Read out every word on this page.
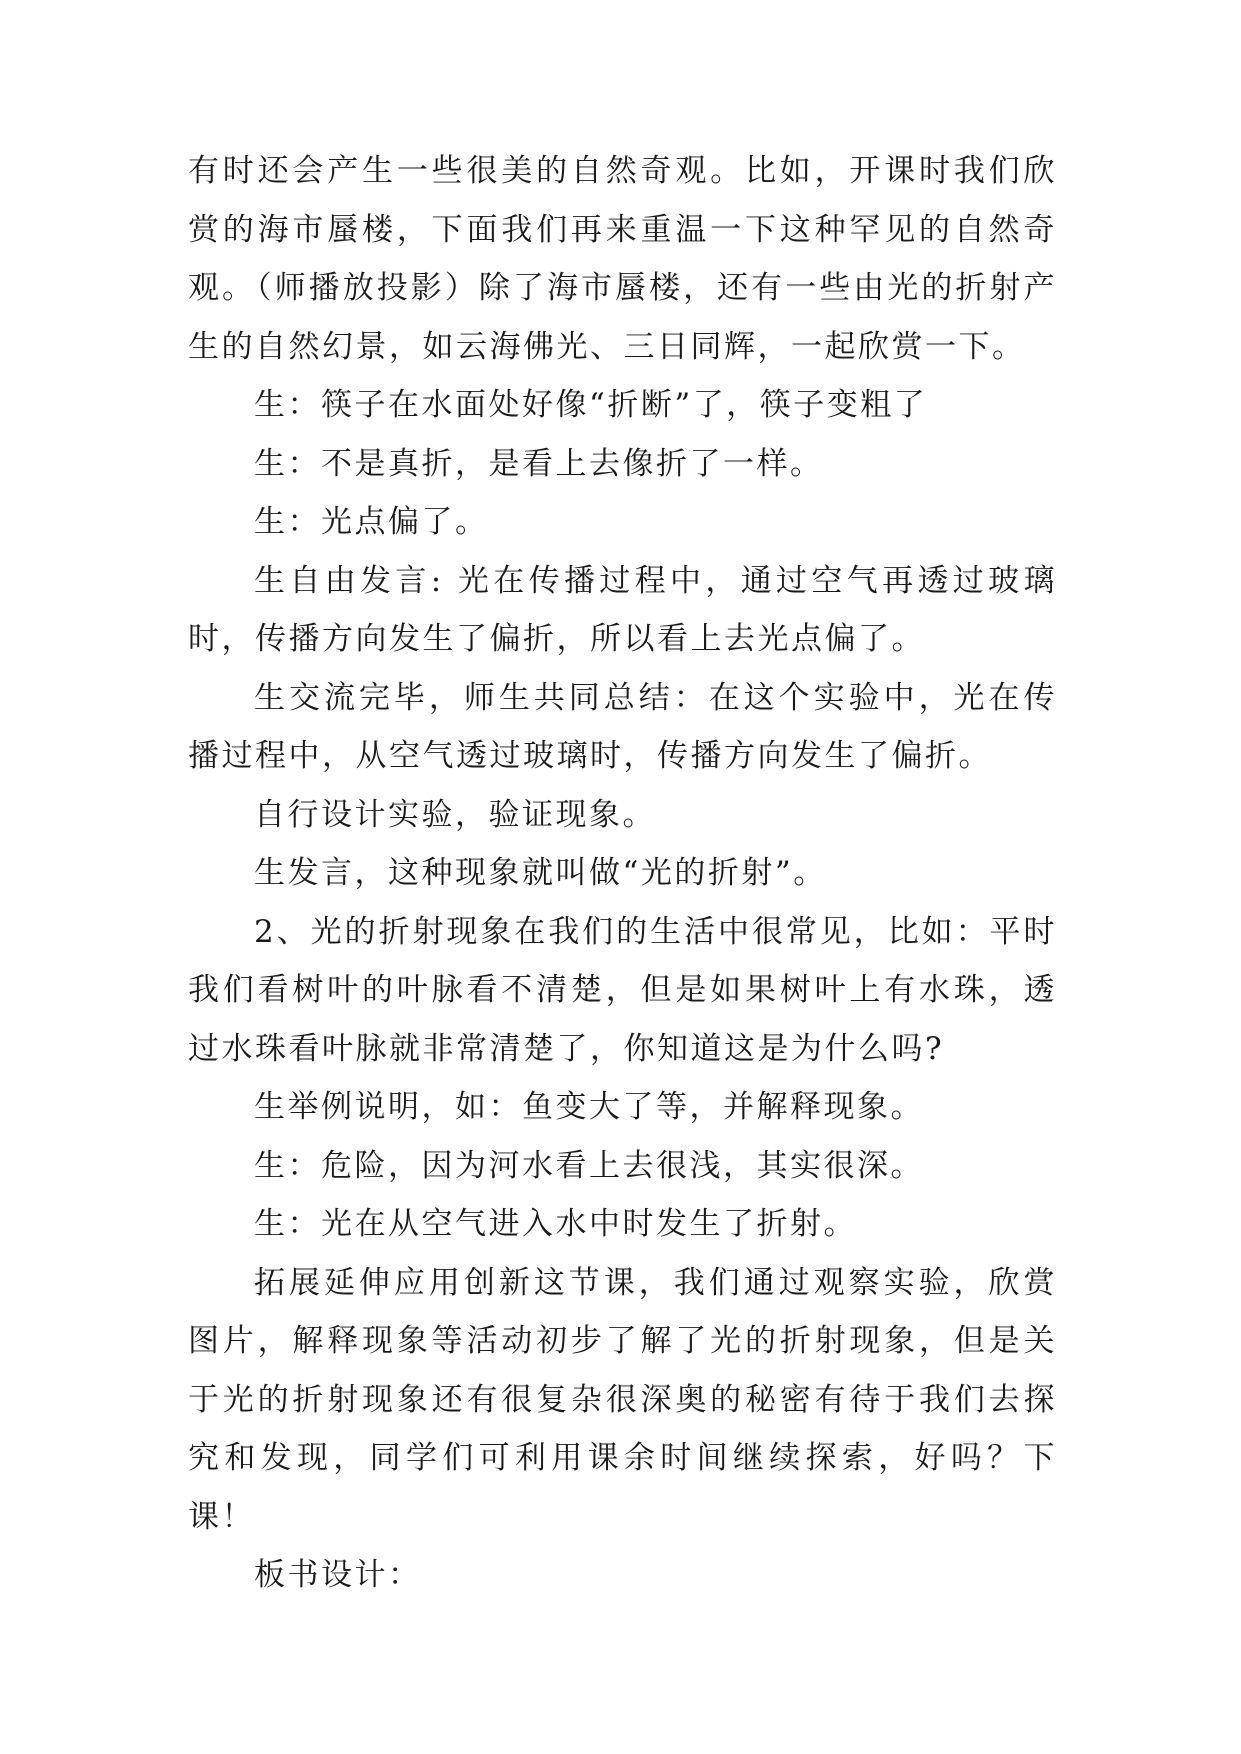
有时还会产生一些很美的自然奇观。比如，开课时我们欣赏的海市蜃楼，下面我们再来重温一下这种罕见的自然奇观。（师播放投影）除了海市蜃楼，还有一些由光的折射产生的自然幻景，如云海佛光、三日同辉，一起欣赏一下。

生：筷子在水面处好像“折断”了，筷子变粗了

生：不是真折，是看上去像折了一样。

生：光点偏了。

生自由发言: 光在传播过程中，通过空气再透过玻璃时，传播方向发生了偏折，所以看上去光点偏了。

生交流完毕，师生共同总结：在这个实验中，光在传播过程中，从空气透过玻璃时，传播方向发生了偏折。

自行设计实验，验证现象。

生发言，这种现象就叫做“光的折射”。

2、光的折射现象在我们的生活中很常见，比如：平时我们看树叶的叶脉看不清楚，但是如果树叶上有水珠，透过水珠看叶脉就非常清楚了，你知道这是为什么吗?

生举例说明，如：鱼变大了等，并解释现象。

生：危险，因为河水看上去很浅，其实很深。

生：光在从空气进入水中时发生了折射。

拓展延伸应用创新这节课，我们通过观察实验，欣赏图片，解释现象等活动初步了解了光的折射现象，但是关于光的折射现象还有很复杂很深奥的秘密有待于我们去探究和发现，同学们可利用课余时间继续探索，好吗？下课！

板书设计：
